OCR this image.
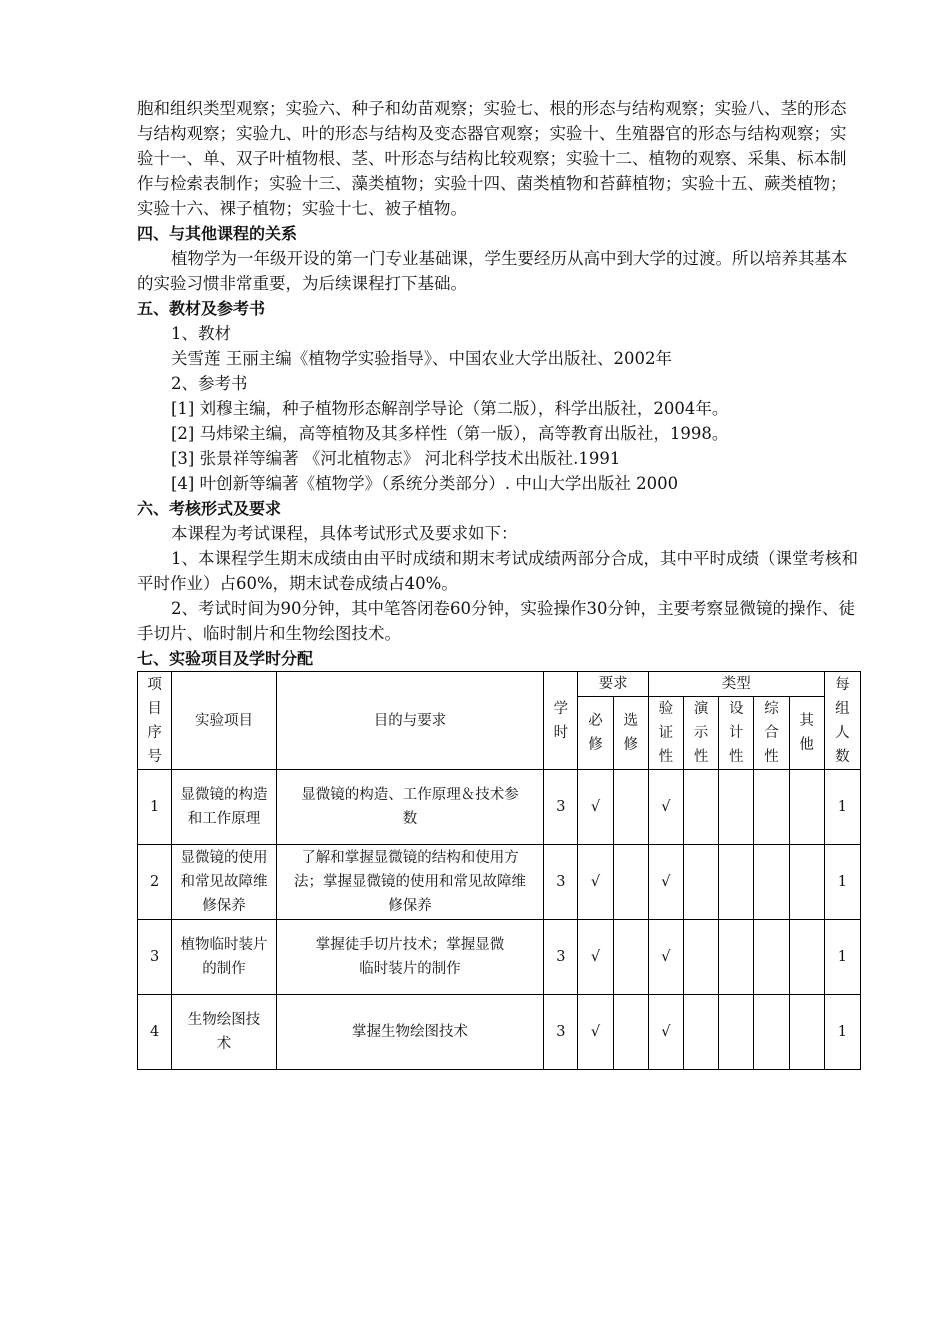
胞和组织类型观察；实验六、种子和幼苗观察；实验七、根的形态与结构观察；实验八、茎的形态与结构观察；实验九、叶的形态与结构及变态器官观察；实验十、生殖器官的形态与结构观察；实验十一、单、双子叶植物根、茎、叶形态与结构比较观察；实验十二、植物的观察、采集、标本制作与检索表制作；实验十三、藻类植物；实验十四、菌类植物和苔藓植物；实验十五、蕨类植物；实验十六、裸子植物；实验十七、被子植物。

四、与其他课程的关系

植物学为一年级开设的第一门专业基础课，学生要经历从高中到大学的过渡。所以培养其基本的实验习惯非常重要，为后续课程打下基础。

五、教材及参考书

1、教材

关雪莲 王丽主编《植物学实验指导》、中国农业大学出版社、2002年

2、参考书

[1] 刘穆主编，种子植物形态解剖学导论（第二版），科学出版社，2004年。

[2] 马炜梁主编，高等植物及其多样性（第一版），高等教育出版社，1998。

[3] 张景祥等编著 《河北植物志》 河北科学技术出版社.1991

[4] 叶创新等编著《植物学》（系统分类部分）. 中山大学出版社 2000

六、考核形式及要求

本课程为考试课程，具体考试形式及要求如下：

1、本课程学生期末成绩由由平时成绩和期末考试成绩两部分合成，其中平时成绩（课堂考核和平时作业）占60%，期末试卷成绩占40%。

2、考试时间为90分钟，其中笔答闭卷60分钟，实验操作30分钟，主要考察显微镜的操作、徒手切片、临时制片和生物绘图技术。

七、实验项目及学时分配

项目序号	实验项目	目的与要求	学时	要求		类型					每组人数
				必修	选修	验证性	演示性	设计性	综合性	其他	
1	显微镜的构造和工作原理	显微镜的构造、工作原理＆技术参数	3	√		√					1
2	显微镜的使用和常见故障维修保养	了解和掌握显微镜的结构和使用方法；掌握显微镜的使用和常见故障维修保养	3	√		√					1
3	植物临时装片的制作	掌握徒手切片技术；掌握显微临时装片的制作	3	√		√					1
4	生物绘图技术	掌握生物绘图技术	3	√		√					1
